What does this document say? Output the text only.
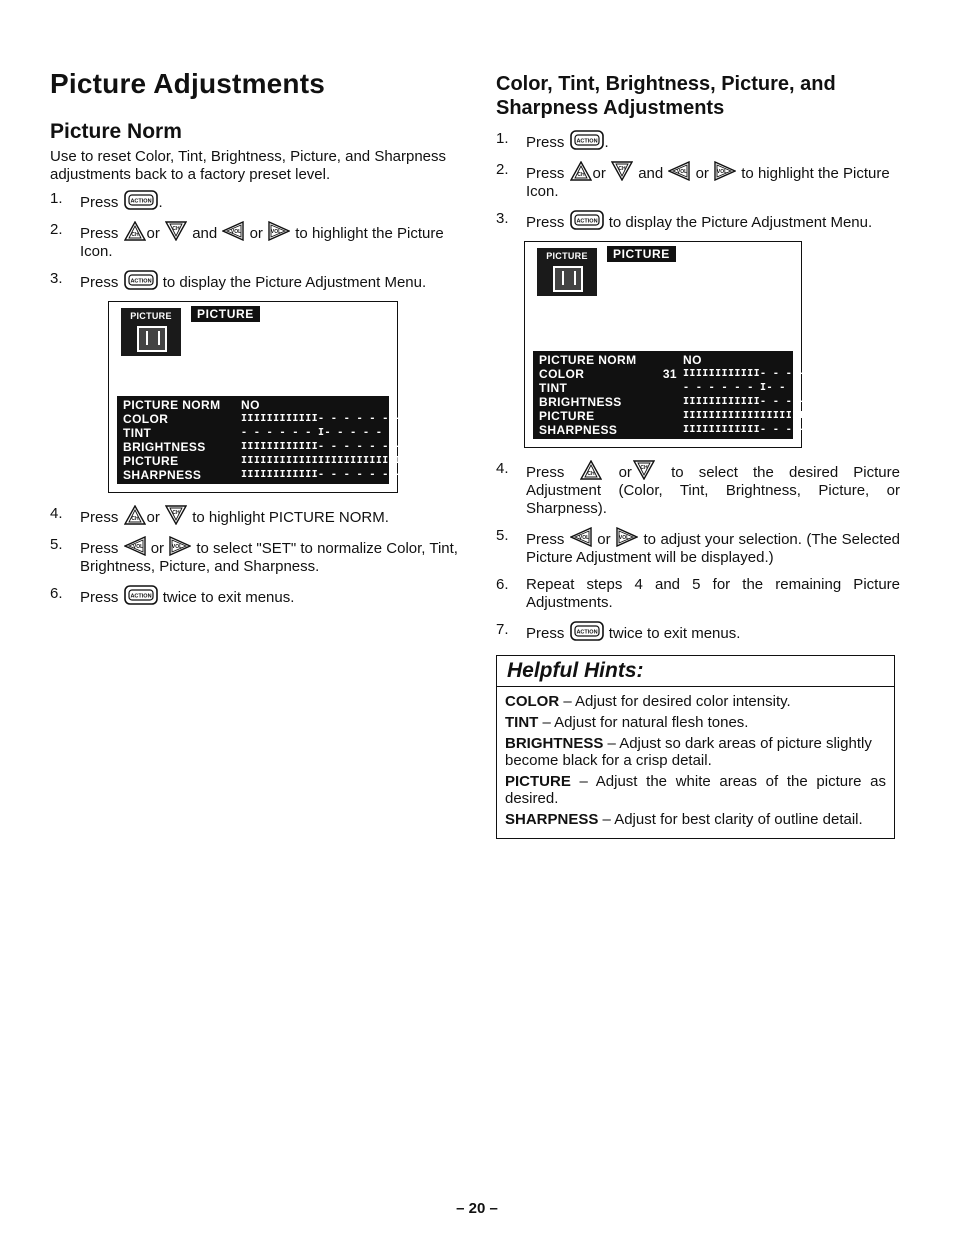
Picture Adjustments
Picture Norm

Use to reset Color, Tint, Brightness, Picture, and Sharpness adjustments back to a factory preset level.

1.	Press	.
2.	Press or and or to highlight the Picture Icon.
3.	Press	to display the Picture Adjustment Menu.
PICTURE	PICTURE
PICTURE NORM	NO
COLOR	IIIIIIIIIIII- - - - - - -
TINT	- - - - - - I- - - - - - -
BRIGHTNESS	IIIIIIIIIIII- - - - - - -
PICTURE	IIIIIIIIIIIIIIIIIIIIIIIII
SHARPNESS	IIIIIIIIIIII- - - - - - -
4.	Press or to highlight PICTURE NORM.
5.	Press or to select "SET" to normalize Color, Tint, Brightness, Picture, and Sharpness.
6.	Press	twice to exit menus.
Color, Tint, Brightness, Picture, and Sharpness Adjustments
1.	Press	.
2.	Press or and or to highlight the Picture Icon.
3.	Press	to display the Picture Adjustment Menu.
PICTURE	PICTURE
PICTURE NORM	NO
COLOR	31 IIIIIIIIIIII- - - - - - -
TINT	- - - - - - I- - - - - - -
BRIGHTNESS	IIIIIIIIIIII- - - - - - -
PICTURE	IIIIIIIIIIIIIIIIIIIIIIIII
SHARPNESS	IIIIIIIIIIII- - - - - - -
4.	Press	or	to select the desired Picture Adjustment (Color, Tint, Brightness, Picture, or Sharpness).
5.	Press or to adjust your selection. (The Selected Picture Adjustment will be displayed.)
6.	Repeat steps 4 and 5 for the remaining Picture Adjustments.
7.	Press	twice to exit menus.
Helpful Hints:
COLOR – Adjust for desired color intensity.
TINT – Adjust for natural flesh tones.
BRIGHTNESS – Adjust so dark areas of picture slightly become black for a crisp detail.
PICTURE – Adjust the white areas of the picture as desired.
SHARPNESS – Adjust for best clarity of outline detail.
– 20 –
